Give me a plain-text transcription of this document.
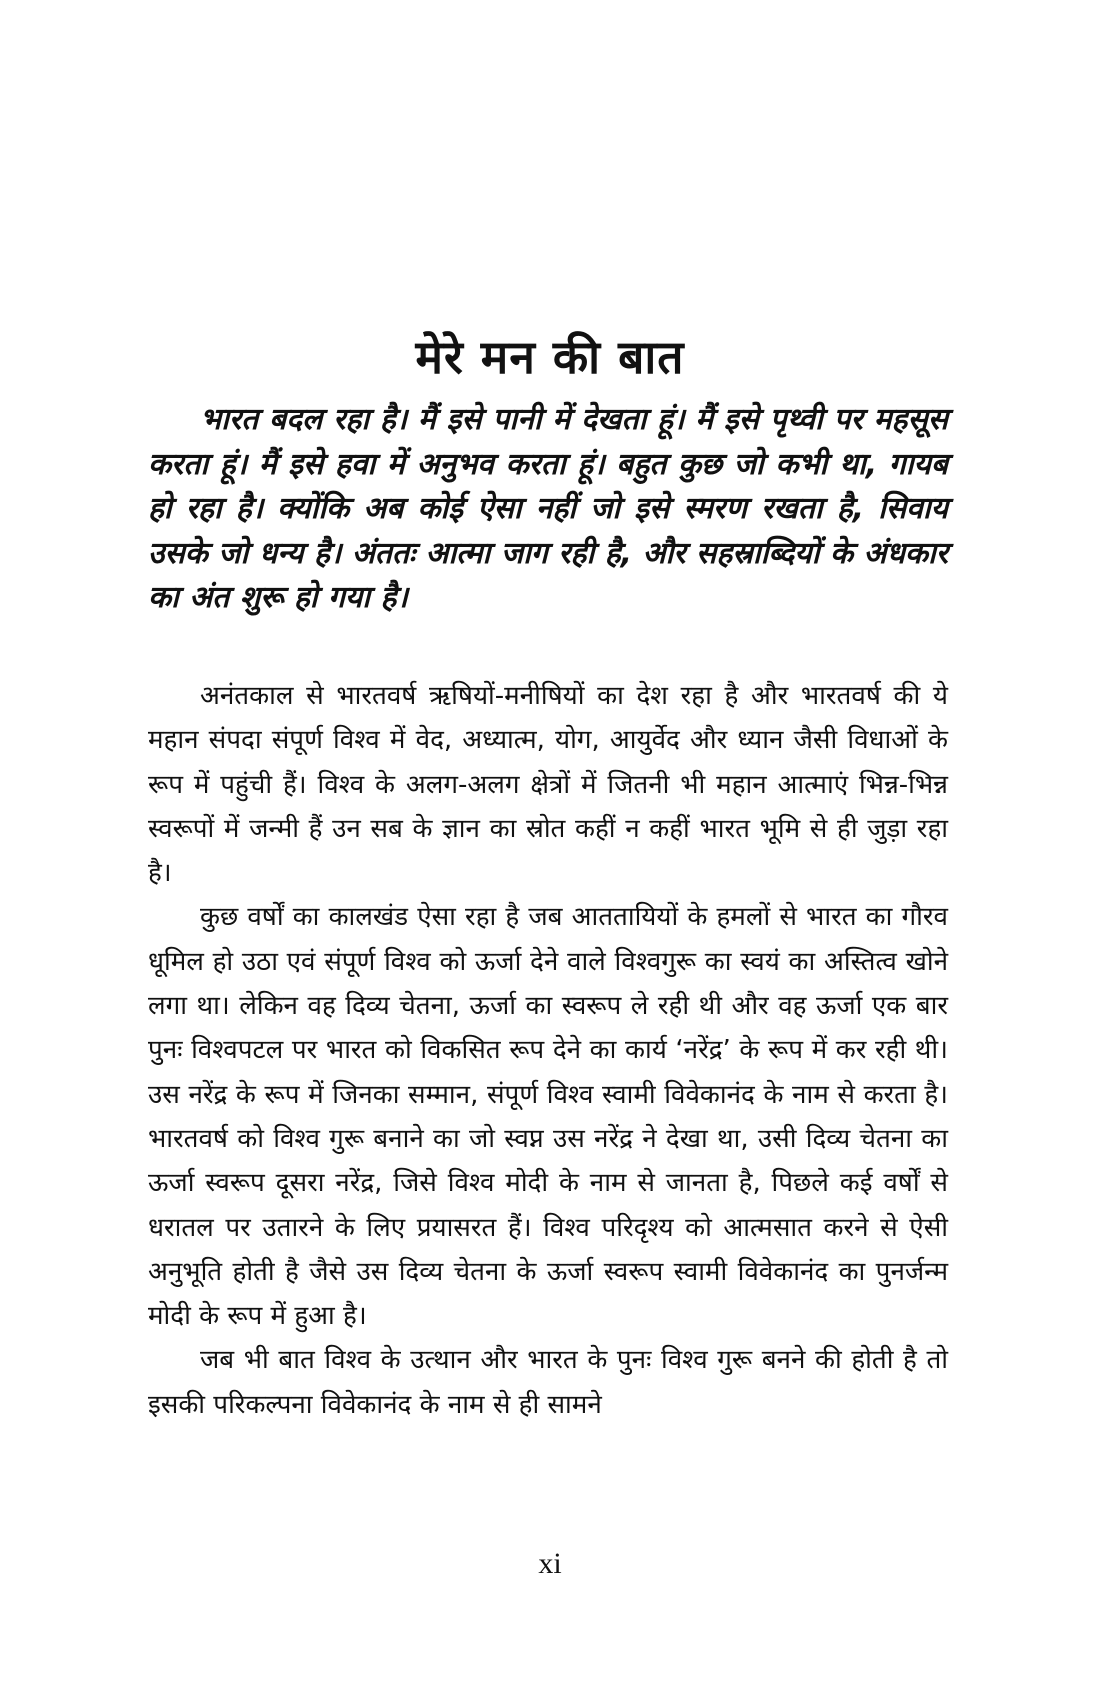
मेरे मन की बात

भारत बदल रहा है। मैं इसे पानी में देखता हूं। मैं इसे पृथ्वी पर महसूस करता हूं। मैं इसे हवा में अनुभव करता हूं। बहुत कुछ जो कभी था, गायब हो रहा है। क्योंकि अब कोई ऐसा नहीं जो इसे स्मरण रखता है, सिवाय उसके जो धन्य है। अंततः आत्मा जाग रही है, और सहस्राब्दियों के अंधकार का अंत शुरू हो गया है।

अनंतकाल से भारतवर्ष ऋषियों-मनीषियों का देश रहा है और भारतवर्ष की ये महान संपदा संपूर्ण विश्व में वेद, अध्यात्म, योग, आयुर्वेद और ध्यान जैसी विधाओं के रूप में पहुंची हैं। विश्व के अलग-अलग क्षेत्रों में जितनी भी महान आत्माएं भिन्न-भिन्न स्वरूपों में जन्मी हैं उन सब के ज्ञान का स्रोत कहीं न कहीं भारत भूमि से ही जुड़ा रहा है।

कुछ वर्षों का कालखंड ऐसा रहा है जब आततायियों के हमलों से भारत का गौरव धूमिल हो उठा एवं संपूर्ण विश्व को ऊर्जा देने वाले विश्वगुरू का स्वयं का अस्तित्व खोने लगा था। लेकिन वह दिव्य चेतना, ऊर्जा का स्वरूप ले रही थी और वह ऊर्जा एक बार पुनः विश्वपटल पर भारत को विकसित रूप देने का कार्य ‘नरेंद्र’ के रूप में कर रही थी। उस नरेंद्र के रूप में जिनका सम्मान, संपूर्ण विश्व स्वामी विवेकानंद के नाम से करता है। भारतवर्ष को विश्व गुरू बनाने का जो स्वप्न उस नरेंद्र ने देखा था, उसी दिव्य चेतना का ऊर्जा स्वरूप दूसरा नरेंद्र, जिसे विश्व मोदी के नाम से जानता है, पिछले कई वर्षों से धरातल पर उतारने के लिए प्रयासरत हैं। विश्व परिदृश्य को आत्मसात करने से ऐसी अनुभूति होती है जैसे उस दिव्य चेतना के ऊर्जा स्वरूप स्वामी विवेकानंद का पुनर्जन्म मोदी के रूप में हुआ है।

जब भी बात विश्व के उत्थान और भारत के पुनः विश्व गुरू बनने की होती है तो इसकी परिकल्पना विवेकानंद के नाम से ही सामने

xi
